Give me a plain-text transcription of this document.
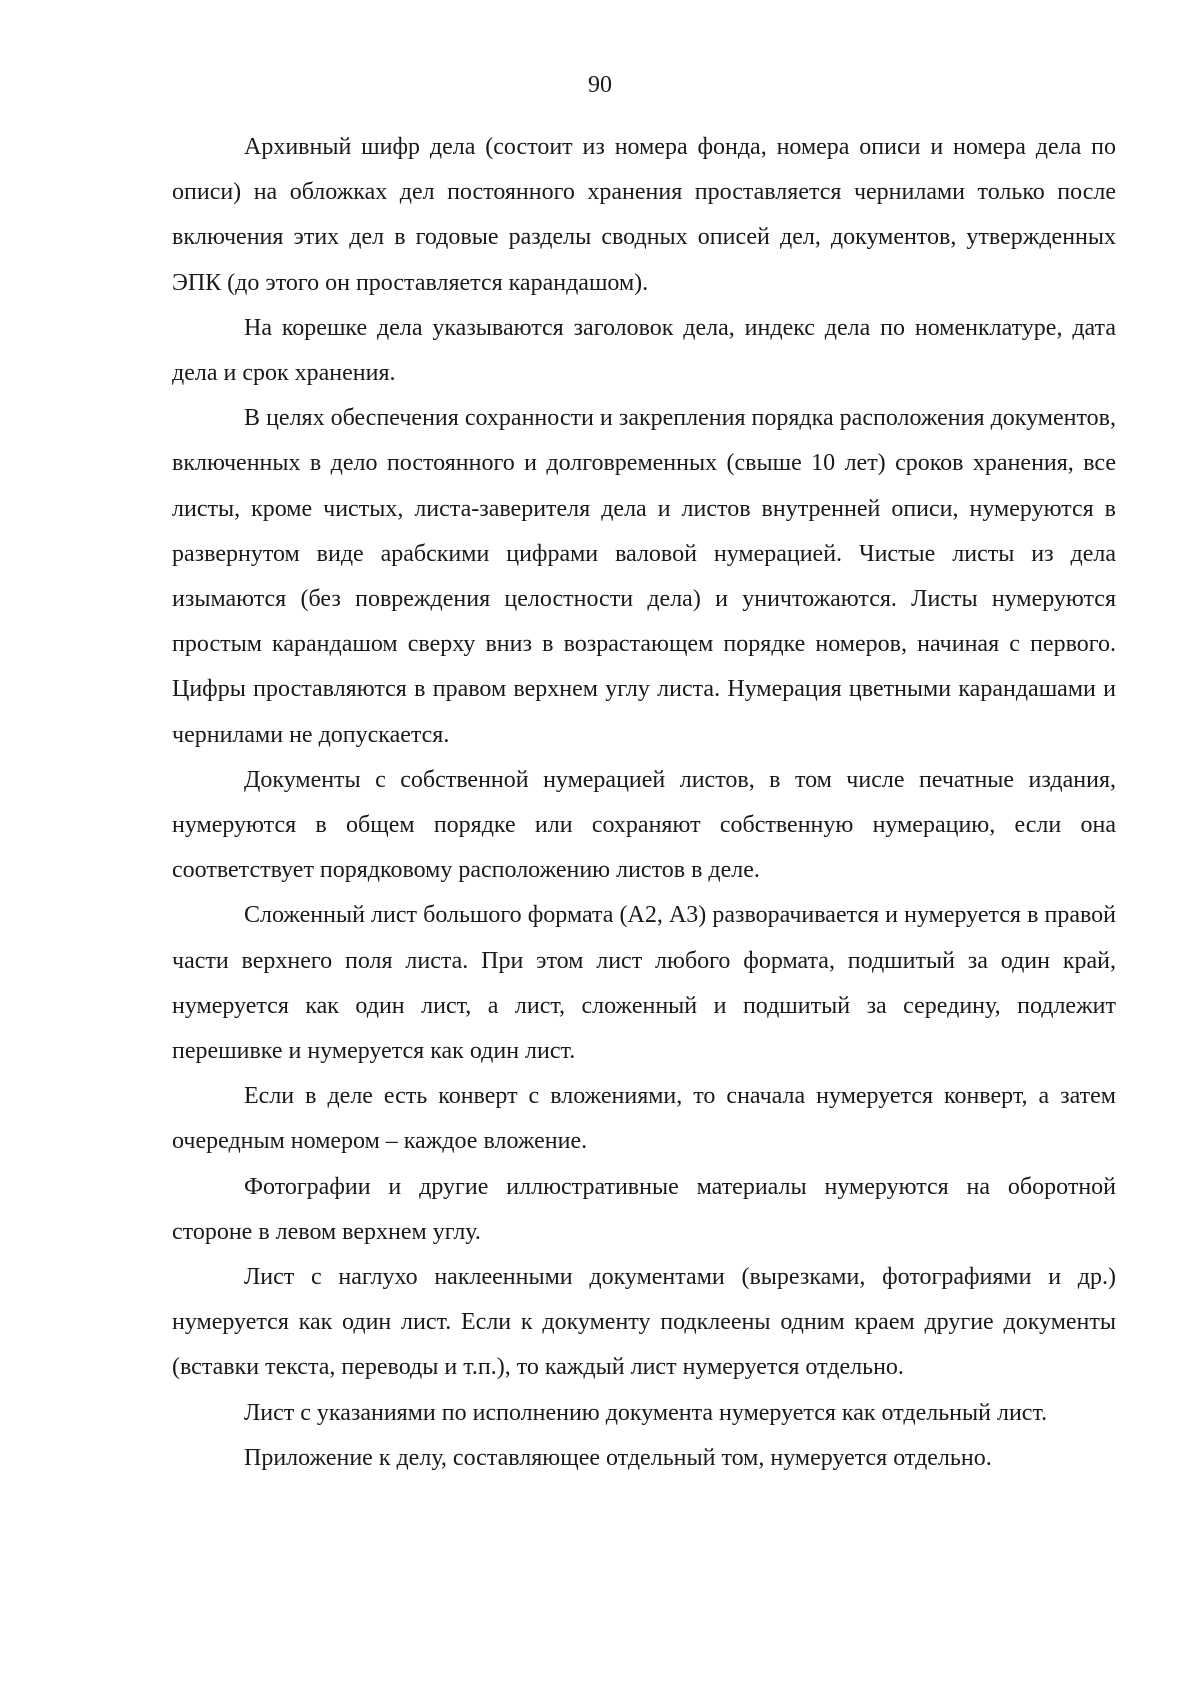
90

Архивный шифр дела (состоит из номера фонда, номера описи и номера дела по описи) на обложках дел постоянного хранения проставляется чернилами только после включения этих дел в годовые разделы сводных описей дел, документов, утвержденных ЭПК (до этого он проставляется карандашом).

На корешке дела указываются заголовок дела, индекс дела по номенклатуре, дата дела и срок хранения.

В целях обеспечения сохранности и закрепления порядка расположения документов, включенных в дело постоянного и долговременных (свыше 10 лет) сроков хранения, все листы, кроме чистых, листа-заверителя дела и листов внутренней описи, нумеруются в развернутом виде арабскими цифрами валовой нумерацией. Чистые листы из дела изымаются (без повреждения целостности дела) и уничтожаются. Листы нумеруются простым карандашом сверху вниз в возрастающем порядке номеров, начиная с первого. Цифры проставляются в правом верхнем углу листа. Нумерация цветными карандашами и чернилами не допускается.

Документы с собственной нумерацией листов, в том числе печатные издания, нумеруются в общем порядке или сохраняют собственную нумерацию, если она соответствует порядковому расположению листов в деле.

Сложенный лист большого формата (А2, А3) разворачивается и нумеруется в правой части верхнего поля листа. При этом лист любого формата, подшитый за один край, нумеруется как один лист, а лист, сложенный и подшитый за середину, подлежит перешивке и нумеруется как один лист.

Если в деле есть конверт с вложениями, то сначала нумеруется конверт, а затем очередным номером – каждое вложение.

Фотографии и другие иллюстративные материалы нумеруются на оборотной стороне в левом верхнем углу.

Лист с наглухо наклеенными документами (вырезками, фотографиями и др.) нумеруется как один лист. Если к документу подклеены одним краем другие документы (вставки текста, переводы и т.п.), то каждый лист нумеруется отдельно.

Лист с указаниями по исполнению документа нумеруется как отдельный лист.

Приложение к делу, составляющее отдельный том, нумеруется отдельно.
